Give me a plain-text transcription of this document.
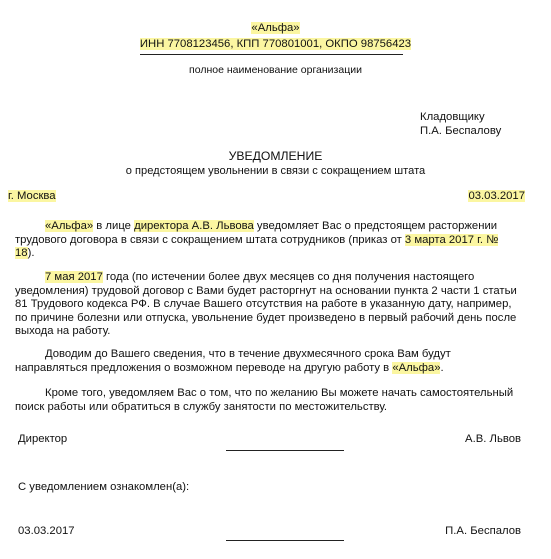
«Альфа»
ИНН 7708123456, КПП 770801001, ОКПО 98756423
полное наименование организации
Кладовщику
П.А. Беспалову
УВЕДОМЛЕНИЕ
о предстоящем увольнении в связи с сокращением штата
г. Москва	03.03.2017
«Альфа» в лице директора А.В. Львова уведомляет Вас о предстоящем расторжении трудового договора в связи с сокращением штата сотрудников (приказ от 3 марта 2017 г. № 18).
7 мая 2017 года (по истечении более двух месяцев со дня получения настоящего уведомления) трудовой договор с Вами будет расторгнут на основании пункта 2 части 1 статьи 81 Трудового кодекса РФ. В случае Вашего отсутствия на работе в указанную дату, например, по причине болезни или отпуска, увольнение будет произведено в первый рабочий день после выхода на работу.
Доводим до Вашего сведения, что в течение двухмесячного срока Вам будут направляться предложения о возможном переводе на другую работу в «Альфа».
Кроме того, уведомляем Вас о том, что по желанию Вы можете начать самостоятельный поиск работы или обратиться в службу занятости по местожительству.
Директор	А.В. Львов
С уведомлением ознакомлен(а):
03.03.2017	П.А. Беспалов
